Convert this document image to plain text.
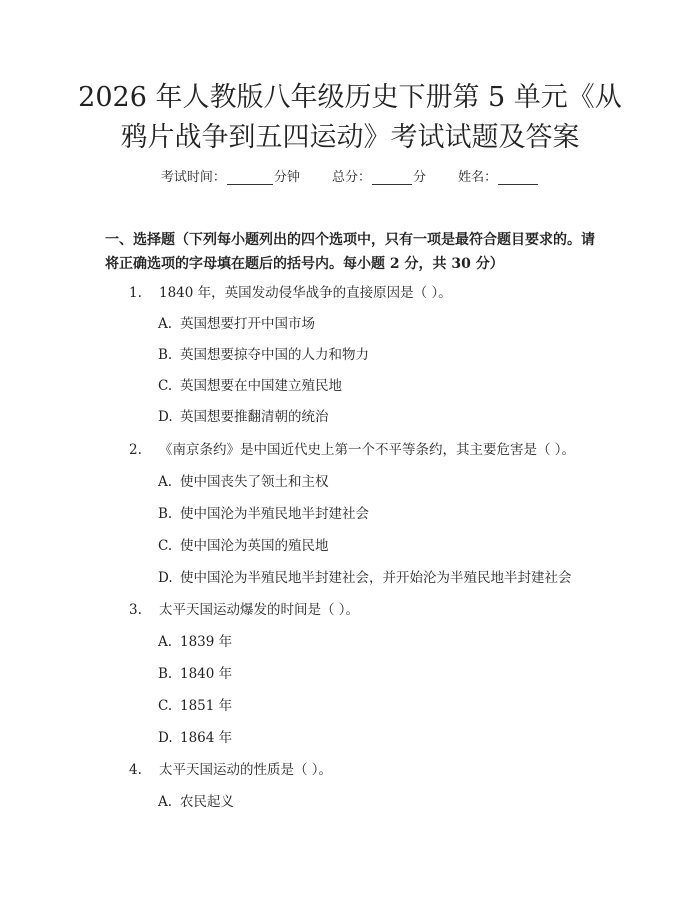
2026 年人教版八年级历史下册第 5 单元《从
鸦片战争到五四运动》考试试题及答案
考试时间：	分钟 总分：	分 姓名：
一、选择题（下列每小题列出的四个选项中，只有一项是最符合题目要求的。请将正确选项的字母填在题后的括号内。每小题 2 分，共 30 分）
1. 1840 年，英国发动侵华战争的直接原因是（ ）。
A. 英国想要打开中国市场
B. 英国想要掠夺中国的人力和物力
C. 英国想要在中国建立殖民地
D. 英国想要推翻清朝的统治
2. 《南京条约》是中国近代史上第一个不平等条约，其主要危害是（ ）。
A. 使中国丧失了领土和主权
B. 使中国沦为半殖民地半封建社会
C. 使中国沦为英国的殖民地
D. 使中国沦为半殖民地半封建社会，并开始沦为半殖民地半封建社会
3. 太平天国运动爆发的时间是（ ）。
A. 1839 年
B. 1840 年
C. 1851 年
D. 1864 年
4. 太平天国运动的性质是（ ）。
A. 农民起义
